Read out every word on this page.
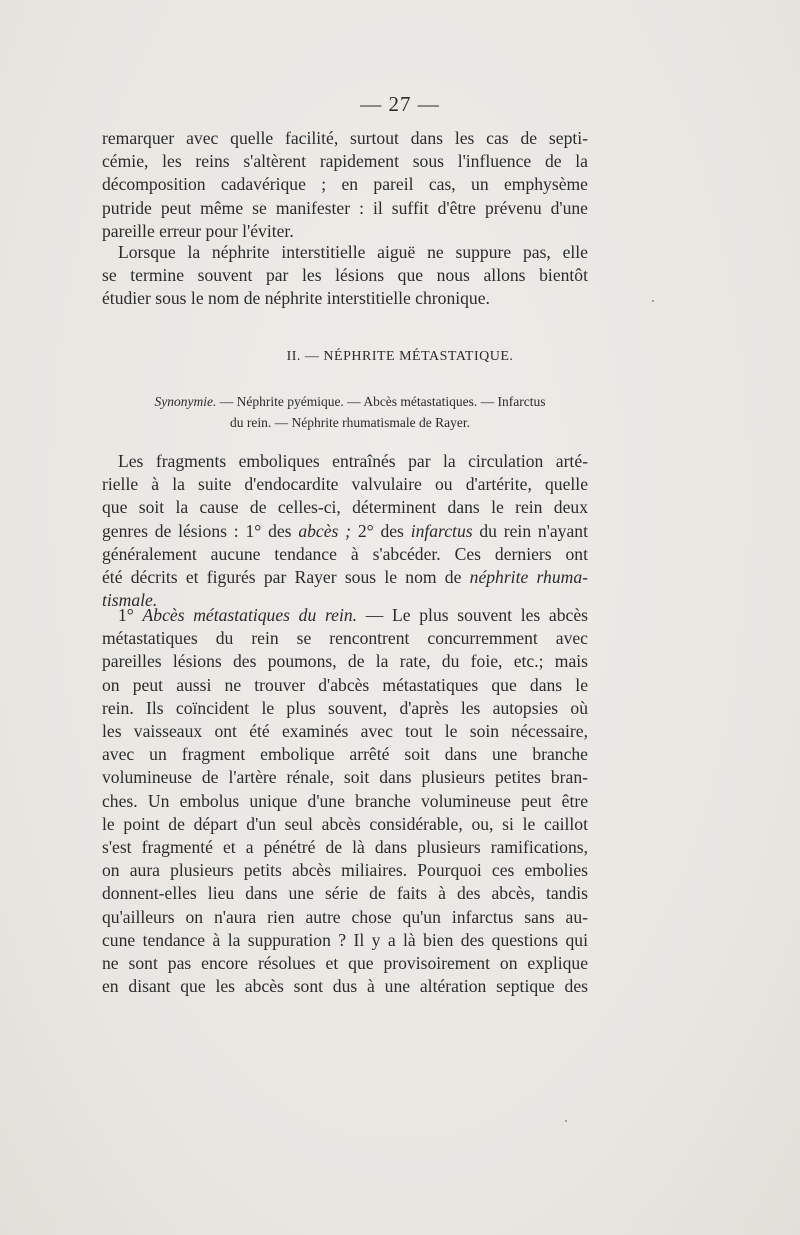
— 27 —
remarquer avec quelle facilité, surtout dans les cas de septi-
cémie, les reins s'altèrent rapidement sous l'influence de la
décomposition cadavérique ; en pareil cas, un emphysème
putride peut même se manifester : il suffit d'être prévenu d'une
pareille erreur pour l'éviter.
Lorsque la néphrite interstitielle aiguë ne suppure pas, elle
se termine souvent par les lésions que nous allons bientôt
étudier sous le nom de néphrite interstitielle chronique.
II. — NÉPHRITE MÉTASTATIQUE.
Synonymie. — Néphrite pyémique. — Abcès métastatiques. — Infarctus
du rein. — Néphrite rhumatismale de Rayer.
Les fragments emboliques entraînés par la circulation arté-
rielle à la suite d'endocardite valvulaire ou d'artérite, quelle
que soit la cause de celles-ci, déterminent dans le rein deux
genres de lésions : 1° des abcès ; 2° des infarctus du rein n'ayant
généralement aucune tendance à s'abcéder. Ces derniers ont
été décrits et figurés par Rayer sous le nom de néphrite rhuma-
tismale.
1° Abcès métastatiques du rein. — Le plus souvent les abcès
métastatiques du rein se rencontrent concurremment avec
pareilles lésions des poumons, de la rate, du foie, etc.; mais
on peut aussi ne trouver d'abcès métastatiques que dans le
rein. Ils coïncident le plus souvent, d'après les autopsies où
les vaisseaux ont été examinés avec tout le soin nécessaire,
avec un fragment embolique arrêté soit dans une branche
volumineuse de l'artère rénale, soit dans plusieurs petites bran-
ches. Un embolus unique d'une branche volumineuse peut être
le point de départ d'un seul abcès considérable, ou, si le caillot
s'est fragmenté et a pénétré de là dans plusieurs ramifications,
on aura plusieurs petits abcès miliaires. Pourquoi ces embolies
donnent-elles lieu dans une série de faits à des abcès, tandis
qu'ailleurs on n'aura rien autre chose qu'un infarctus sans au-
cune tendance à la suppuration ? Il y a là bien des questions qui
ne sont pas encore résolues et que provisoirement on explique
en disant que les abcès sont dus à une altération septique des
